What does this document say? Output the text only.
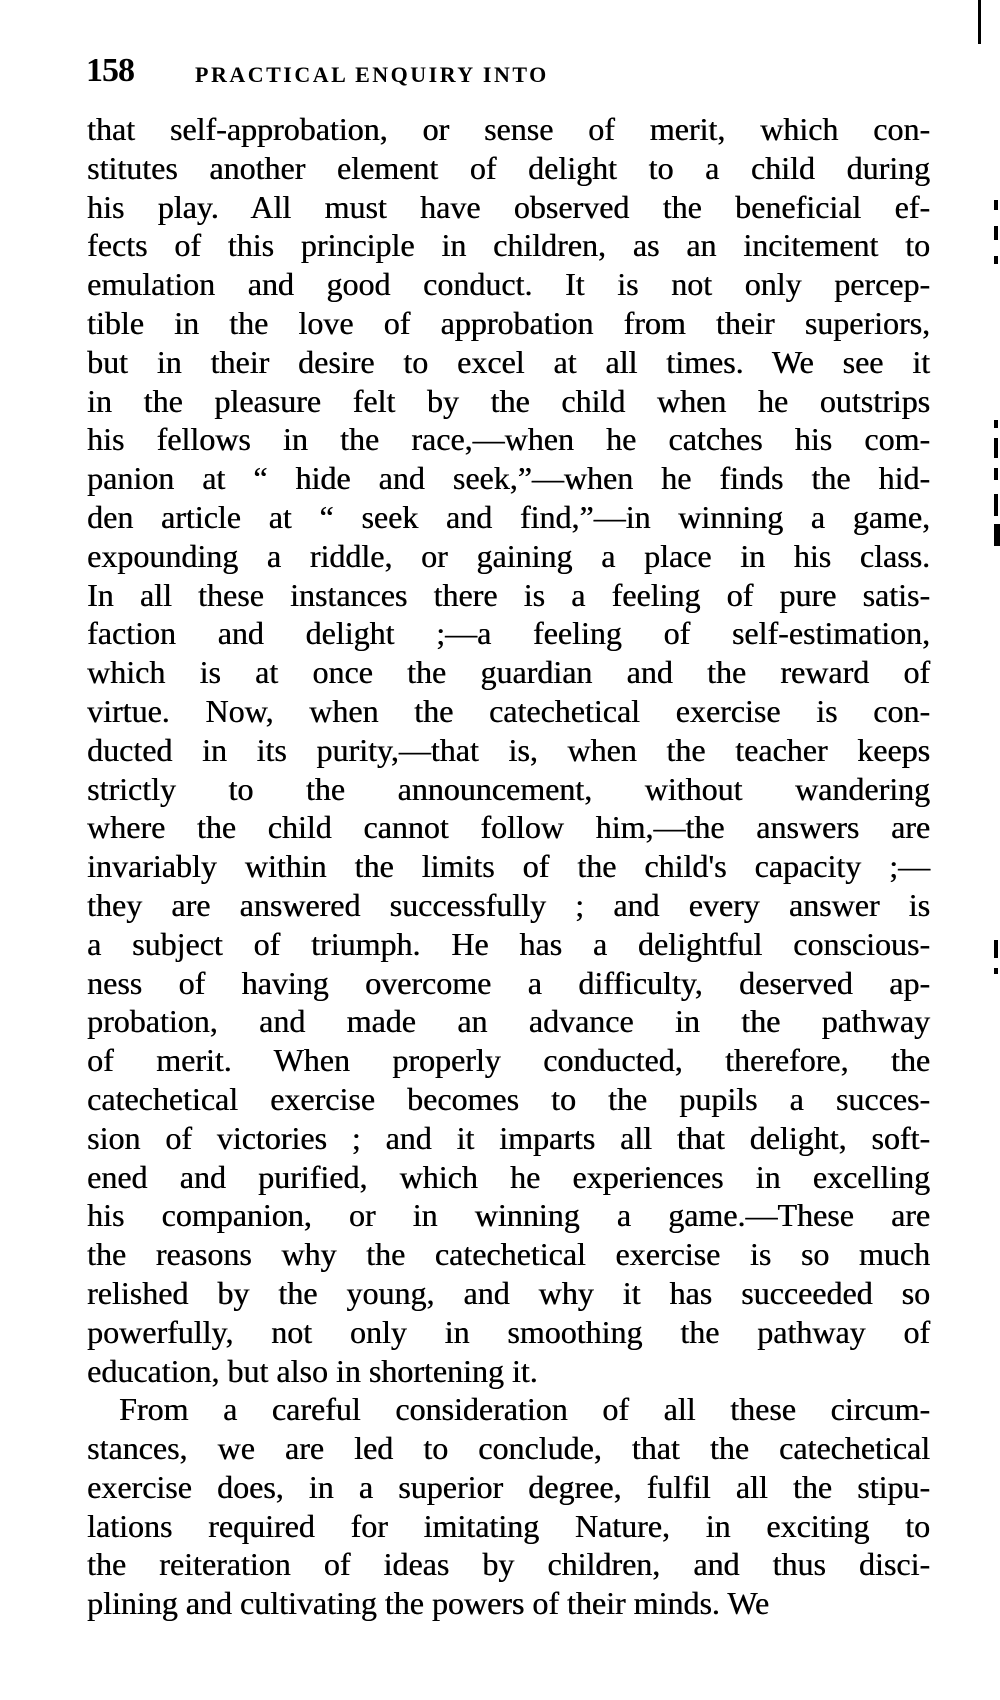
158	PRACTICAL ENQUIRY INTO
that self-approbation, or sense of merit, which con-
stitutes another element of delight to a child during
his play. All must have observed the beneficial ef-
fects of this principle in children, as an incitement to
emulation and good conduct. It is not only percep-
tible in the love of approbation from their superiors,
but in their desire to excel at all times. We see it
in the pleasure felt by the child when he outstrips
his fellows in the race,—when he catches his com-
panion at “ hide and seek,”—when he finds the hid-
den article at “ seek and find,”—in winning a game,
expounding a riddle, or gaining a place in his class.
In all these instances there is a feeling of pure satis-
faction and delight ;—a feeling of self-estimation,
which is at once the guardian and the reward of
virtue. Now, when the catechetical exercise is con-
ducted in its purity,—that is, when the teacher keeps
strictly to the announcement, without wandering
where the child cannot follow him,—the answers are
invariably within the limits of the child's capacity ;—
they are answered successfully ; and every answer is
a subject of triumph. He has a delightful conscious-
ness of having overcome a difficulty, deserved ap-
probation, and made an advance in the pathway
of merit. When properly conducted, therefore, the
catechetical exercise becomes to the pupils a succes-
sion of victories ; and it imparts all that delight, soft-
ened and purified, which he experiences in excelling
his companion, or in winning a game.—These are
the reasons why the catechetical exercise is so much
relished by the young, and why it has succeeded so
powerfully, not only in smoothing the pathway of
education, but also in shortening it.
From a careful consideration of all these circum-
stances, we are led to conclude, that the catechetical
exercise does, in a superior degree, fulfil all the stipu-
lations required for imitating Nature, in exciting to
the reiteration of ideas by children, and thus disci-
plining and cultivating the powers of their minds. We
